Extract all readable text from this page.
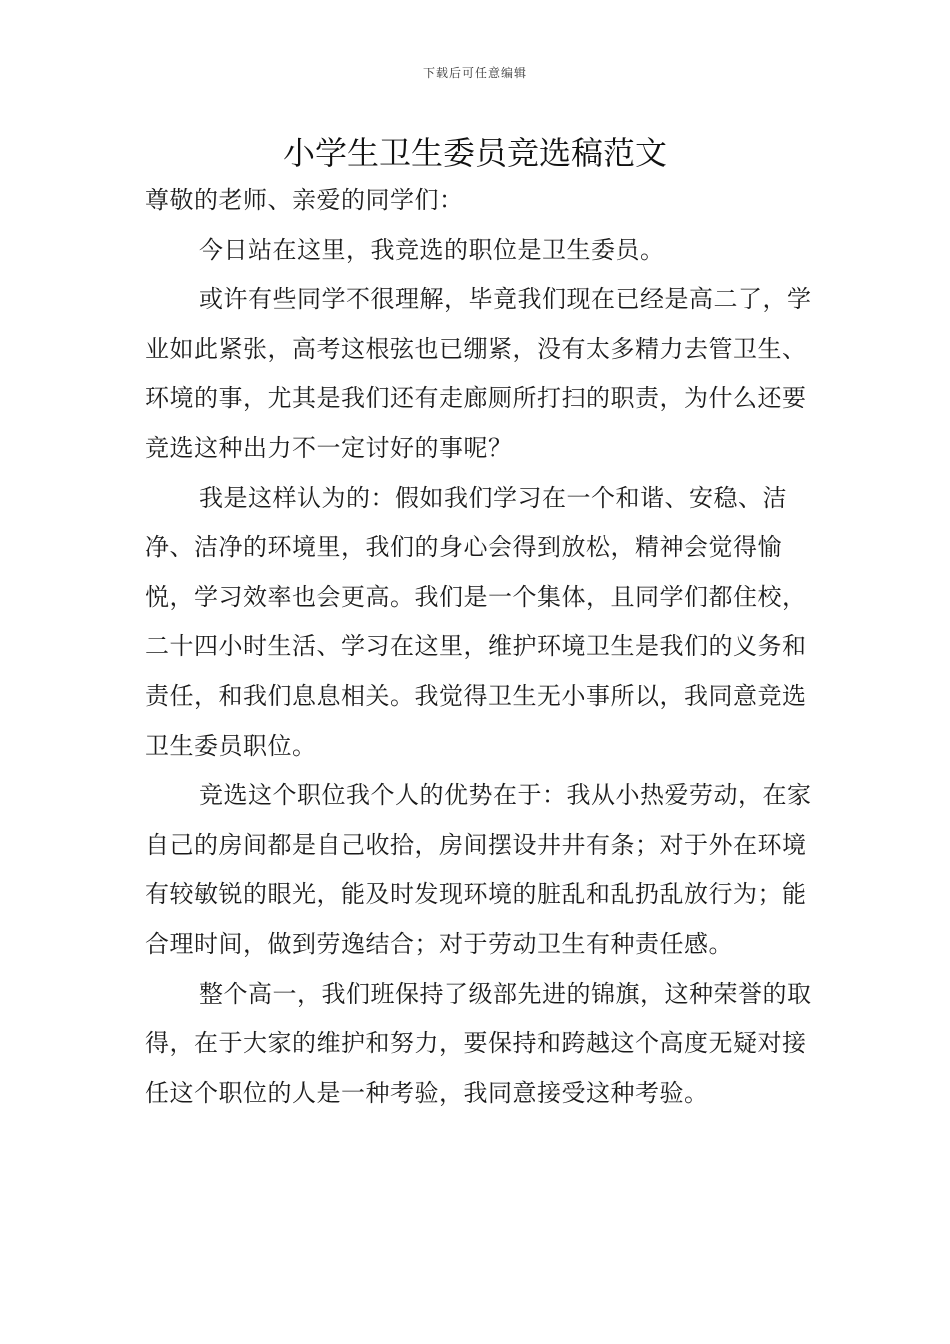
下载后可任意编辑
小学生卫生委员竞选稿范文

尊敬的老师、亲爱的同学们：

今日站在这里，我竞选的职位是卫生委员。

或许有些同学不很理解，毕竟我们现在已经是高二了，学业如此紧张，高考这根弦也已绷紧，没有太多精力去管卫生、环境的事，尤其是我们还有走廊厕所打扫的职责，为什么还要竞选这种出力不一定讨好的事呢？

我是这样认为的：假如我们学习在一个和谐、安稳、洁净、洁净的环境里，我们的身心会得到放松，精神会觉得愉悦，学习效率也会更高。我们是一个集体，且同学们都住校，二十四小时生活、学习在这里，维护环境卫生是我们的义务和责任，和我们息息相关。我觉得卫生无小事所以，我同意竞选卫生委员职位。

竞选这个职位我个人的优势在于：我从小热爱劳动，在家自己的房间都是自己收拾，房间摆设井井有条；对于外在环境有较敏锐的眼光，能及时发现环境的脏乱和乱扔乱放行为；能合理时间，做到劳逸结合；对于劳动卫生有种责任感。

整个高一，我们班保持了级部先进的锦旗，这种荣誉的取得，在于大家的维护和努力，要保持和跨越这个高度无疑对接任这个职位的人是一种考验，我同意接受这种考验。
